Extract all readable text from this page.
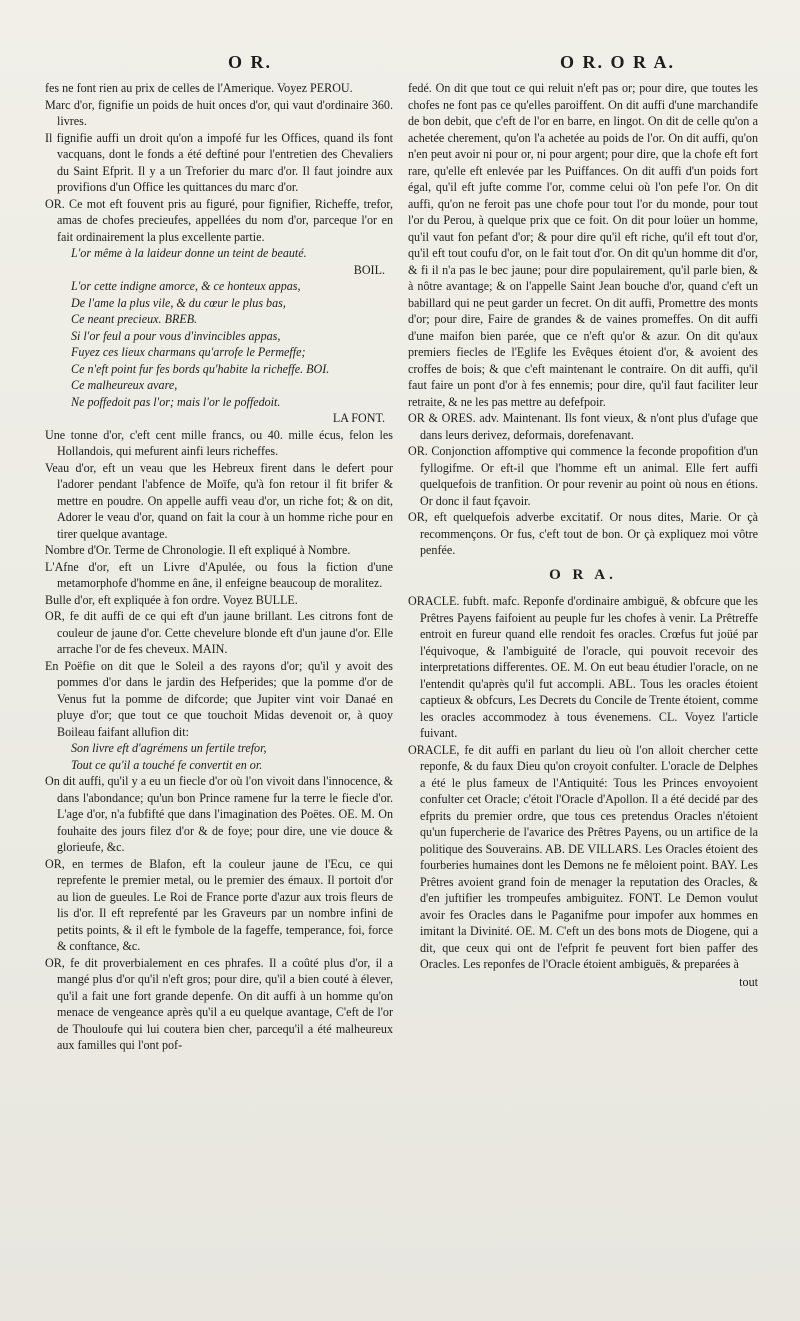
O R.	O R. O R A.

fes ne font rien au prix de celles de l'Amerique. Voyez PEROU.

Marc d'or, fignifie un poids de huit onces d'or, qui vaut d'ordinaire 360. livres.

Il fignifie auffi un droit qu'on a impofé fur les Offices, quand ils font vacquans, dont le fonds a été deftiné pour l'entretien des Chevaliers du Saint Efprit. Il y a un Treforier du marc d'or. Il faut joindre aux provifions d'un Office les quittances du marc d'or.

OR. Ce mot eft fouvent pris au figuré, pour fignifier, Richeffe, trefor, amas de chofes precieufes, appellées du nom d'or, parceque l'or en fait ordinairement la plus excellente partie.

L'or même à la laideur donne un teint de beauté.

BOIL.

L'or cette indigne amorce, & ce honteux appas,

De l'ame la plus vile, & du cœur le plus bas,

Ce neant precieux. BREB.

Si l'or feul a pour vous d'invincibles appas,

Fuyez ces lieux charmans qu'arrofe le Permeffe;

Ce n'eft point fur fes bords qu'habite la richeffe. BOI.

Ce malheureux avare,

Ne poffedoit pas l'or; mais l'or le poffedoit.

LA FONT.

Une tonne d'or, c'eft cent mille francs, ou 40. mille écus, felon les Hollandois, qui mefurent ainfi leurs richeffes.

Veau d'or, eft un veau que les Hebreux firent dans le defert pour l'adorer pendant l'abfence de Moïfe, qu'à fon retour il fit brifer & mettre en poudre. On appelle auffi veau d'or, un riche fot; & on dit, Adorer le veau d'or, quand on fait la cour à un homme riche pour en tirer quelque avantage.

Nombre d'Or. Terme de Chronologie. Il eft expliqué à Nombre.

L'Afne d'or, eft un Livre d'Apulée, ou fous la fiction d'une metamorphofe d'homme en âne, il enfeigne beaucoup de moralitez.

Bulle d'or, eft expliquée à fon ordre. Voyez BULLE.

OR, fe dit auffi de ce qui eft d'un jaune brillant. Les citrons font de couleur de jaune d'or. Cette chevelure blonde eft d'un jaune d'or. Elle arrache l'or de fes cheveux. MAIN.

En Poëfie on dit que le Soleil a des rayons d'or; qu'il y avoit des pommes d'or dans le jardin des Hefperides; que la pomme d'or de Venus fut la pomme de difcorde; que Jupiter vint voir Danaé en pluye d'or; que tout ce que touchoit Midas devenoit or, à quoy Boileau faifant allufion dit:

Son livre eft d'agrémens un fertile trefor,

Tout ce qu'il a touché fe convertit en or.

On dit auffi, qu'il y a eu un fiecle d'or où l'on vivoit dans l'innocence, & dans l'abondance; qu'un bon Prince ramene fur la terre le fiecle d'or. L'age d'or, n'a fubfifté que dans l'imagination des Poëtes. OE. M. On fouhaite des jours filez d'or & de foye; pour dire, une vie douce & glorieufe, &c.

OR, en termes de Blafon, eft la couleur jaune de l'Ecu, ce qui reprefente le premier metal, ou le premier des émaux. Il portoit d'or au lion de gueules. Le Roi de France porte d'azur aux trois fleurs de lis d'or. Il eft reprefenté par les Graveurs par un nombre infini de petits points, & il eft le fymbole de la fageffe, temperance, foi, force & conftance, &c.

OR, fe dit proverbialement en ces phrafes. Il a coûté plus d'or, il a mangé plus d'or qu'il n'eft gros; pour dire, qu'il a bien couté à élever, qu'il a fait une fort grande depenfe. On dit auffi à un homme qu'on menace de vengeance après qu'il a eu quelque avantage, C'eft de l'or de Thouloufe qui lui coutera bien cher, parcequ'il a été malheureux aux familles qui l'ont pof-

fedé. On dit que tout ce qui reluit n'eft pas or; pour dire, que toutes les chofes ne font pas ce qu'elles paroiffent. On dit auffi d'une marchandife de bon debit, que c'eft de l'or en barre, en lingot. On dit de celle qu'on a achetée cherement, qu'on l'a achetée au poids de l'or. On dit auffi, qu'on n'en peut avoir ni pour or, ni pour argent; pour dire, que la chofe eft fort rare, qu'elle eft enlevée par les Puiffances. On dit auffi d'un poids fort égal, qu'il eft jufte comme l'or, comme celui où l'on pefe l'or. On dit auffi, qu'on ne feroit pas une chofe pour tout l'or du monde, pour tout l'or du Perou, à quelque prix que ce foit. On dit pour loüer un homme, qu'il vaut fon pefant d'or; & pour dire qu'il eft riche, qu'il eft tout d'or, qu'il eft tout coufu d'or, on le fait tout d'or. On dit qu'un homme dit d'or, & fi il n'a pas le bec jaune; pour dire populairement, qu'il parle bien, & à nôtre avantage; & on l'appelle Saint Jean bouche d'or, quand c'eft un babillard qui ne peut garder un fecret. On dit auffi, Promettre des monts d'or; pour dire, Faire de grandes & de vaines promeffes. On dit auffi d'une maifon bien parée, que ce n'eft qu'or & azur. On dit qu'aux premiers fiecles de l'Eglife les Evêques étoient d'or, & avoient des croffes de bois; & que c'eft maintenant le contraire. On dit auffi, qu'il faut faire un pont d'or à fes ennemis; pour dire, qu'il faut faciliter leur retraite, & ne les pas mettre au defefpoir.

OR & ORES. adv. Maintenant. Ils font vieux, & n'ont plus d'ufage que dans leurs derivez, deformais, dorefenavant.

OR. Conjonction affomptive qui commence la feconde propofition d'un fyllogifme. Or eft-il que l'homme eft un animal. Elle fert auffi quelquefois de tranfition. Or pour revenir au point où nous en étions. Or donc il faut fçavoir.

OR, eft quelquefois adverbe excitatif. Or nous dites, Marie. Or çà recommençons. Or fus, c'eft tout de bon. Or çà expliquez moi vôtre penfée.

O R A.

ORACLE. fubft. mafc. Reponfe d'ordinaire ambiguë, & obfcure que les Prêtres Payens faifoient au peuple fur les chofes à venir. La Prêtreffe entroit en fureur quand elle rendoit fes oracles. Crœfus fut joüé par l'équivoque, & l'ambiguité de l'oracle, qui pouvoit recevoir des interpretations differentes. OE. M. On eut beau étudier l'oracle, on ne l'entendit qu'après qu'il fut accompli. ABL. Tous les oracles étoient captieux & obfcurs, Les Decrets du Concile de Trente étoient, comme les oracles accommodez à tous évenemens. CL. Voyez l'article fuivant.

ORACLE, fe dit auffi en parlant du lieu où l'on alloit chercher cette reponfe, & du faux Dieu qu'on croyoit confulter. L'oracle de Delphes a été le plus fameux de l'Antiquité: Tous les Princes envoyoient confulter cet Oracle; c'étoit l'Oracle d'Apollon. Il a été decidé par des efprits du premier ordre, que tous ces pretendus Oracles n'étoient qu'un fupercherie de l'avarice des Prêtres Payens, ou un artifice de la politique des Souverains. AB. DE VILLARS. Les Oracles étoient des fourberies humaines dont les Demons ne fe mêloient point. BAY. Les Prêtres avoient grand foin de menager la reputation des Oracles, & d'en juftifier les trompeufes ambiguitez. FONT. Le Demon voulut avoir fes Oracles dans le Paganifme pour impofer aux hommes en imitant la Divinité. OE. M. C'eft un des bons mots de Diogene, qui a dit, que ceux qui ont de l'efprit fe peuvent fort bien paffer des Oracles. Les reponfes de l'Oracle étoient ambiguës, & preparées à

tout
